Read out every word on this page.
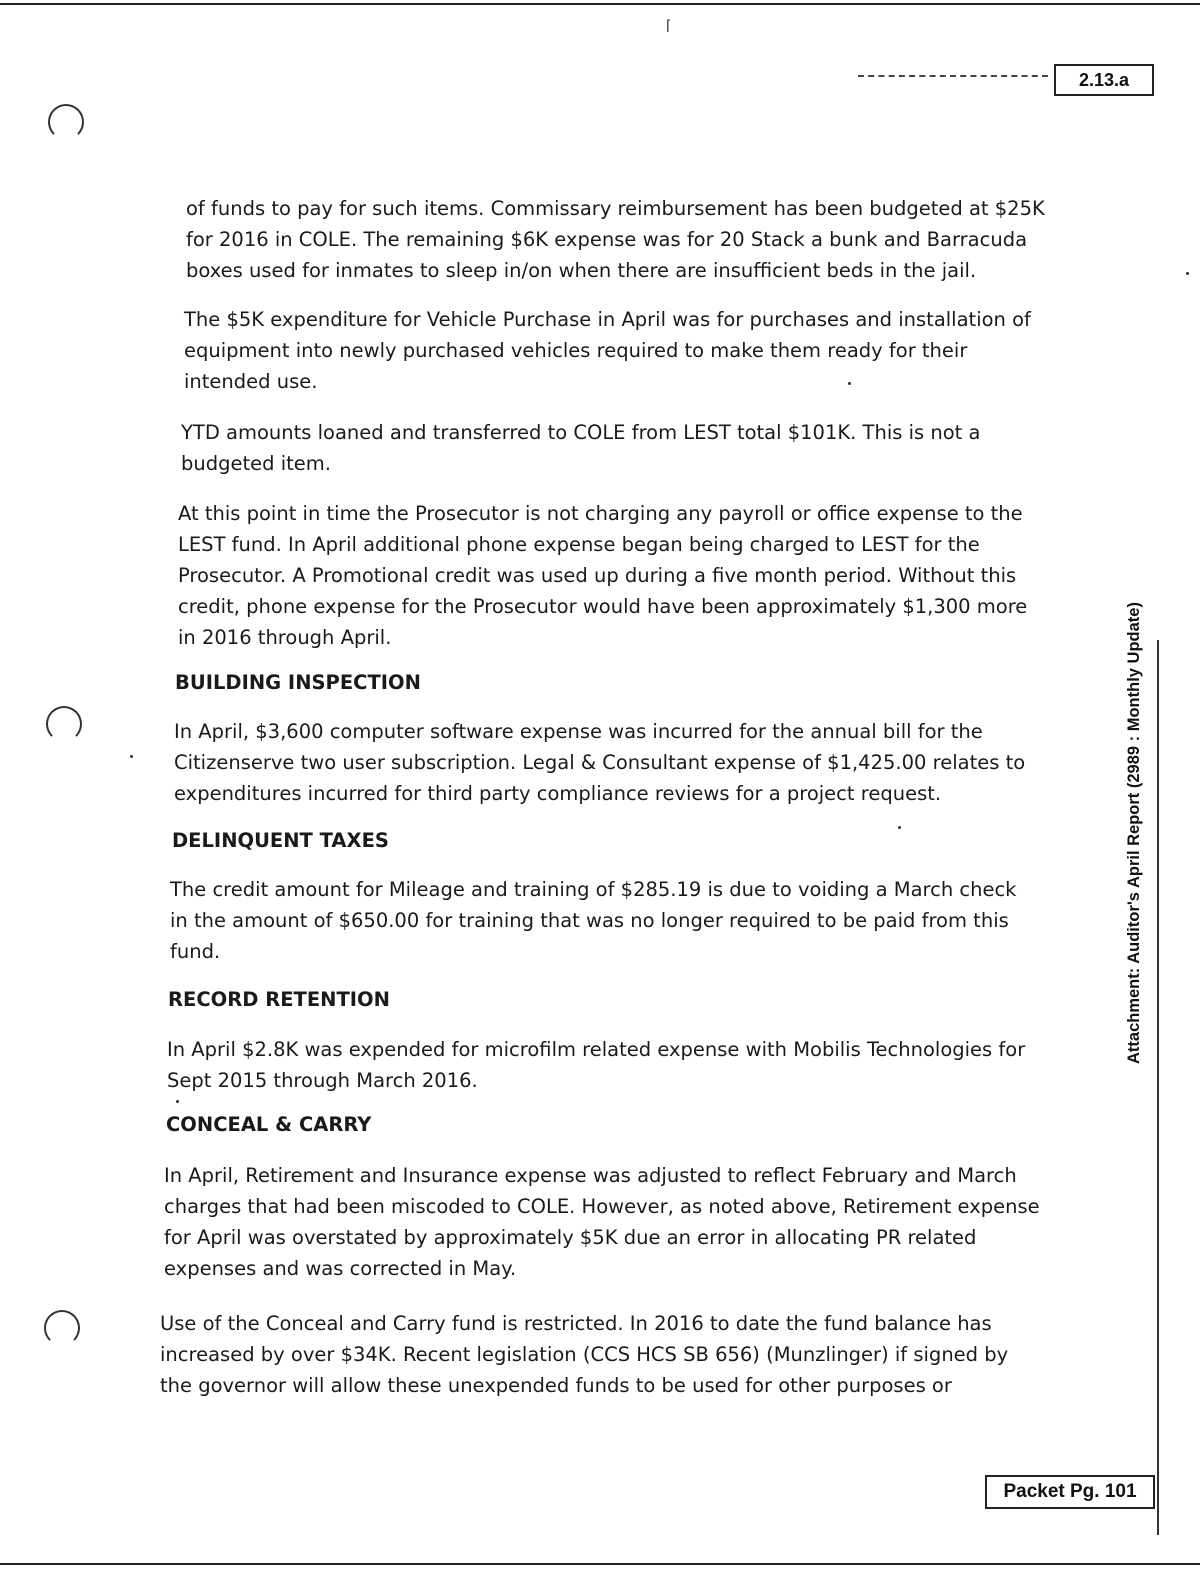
⌈
2.13.a

of funds to pay for such items. Commissary reimbursement has been budgeted at $25K for 2016 in COLE. The remaining $6K expense was for 20 Stack a bunk and Barracuda boxes used for inmates to sleep in/on when there are insufficient beds in the jail.

The $5K expenditure for Vehicle Purchase in April was for purchases and installation of equipment into newly purchased vehicles required to make them ready for their intended use.

YTD amounts loaned and transferred to COLE from LEST total $101K. This is not a budgeted item.

At this point in time the Prosecutor is not charging any payroll or office expense to the LEST fund. In April additional phone expense began being charged to LEST for the Prosecutor. A Promotional credit was used up during a five month period. Without this credit, phone expense for the Prosecutor would have been approximately $1,300 more in 2016 through April.

BUILDING INSPECTION

In April, $3,600 computer software expense was incurred for the annual bill for the Citizenserve two user subscription. Legal & Consultant expense of $1,425.00 relates to expenditures incurred for third party compliance reviews for a project request.

DELINQUENT TAXES

The credit amount for Mileage and training of $285.19 is due to voiding a March check in the amount of $650.00 for training that was no longer required to be paid from this fund.

RECORD RETENTION

In April $2.8K was expended for microfilm related expense with Mobilis Technologies for Sept 2015 through March 2016.

CONCEAL & CARRY

In April, Retirement and Insurance expense was adjusted to reflect February and March charges that had been miscoded to COLE. However, as noted above, Retirement expense for April was overstated by approximately $5K due an error in allocating PR related expenses and was corrected in May.

Use of the Conceal and Carry fund is restricted. In 2016 to date the fund balance has increased by over $34K. Recent legislation (CCS HCS SB 656) (Munzlinger) if signed by the governor will allow these unexpended funds to be used for other purposes or

Attachment: Auditor's April Report (2989 : Monthly Update)
Packet Pg. 101
